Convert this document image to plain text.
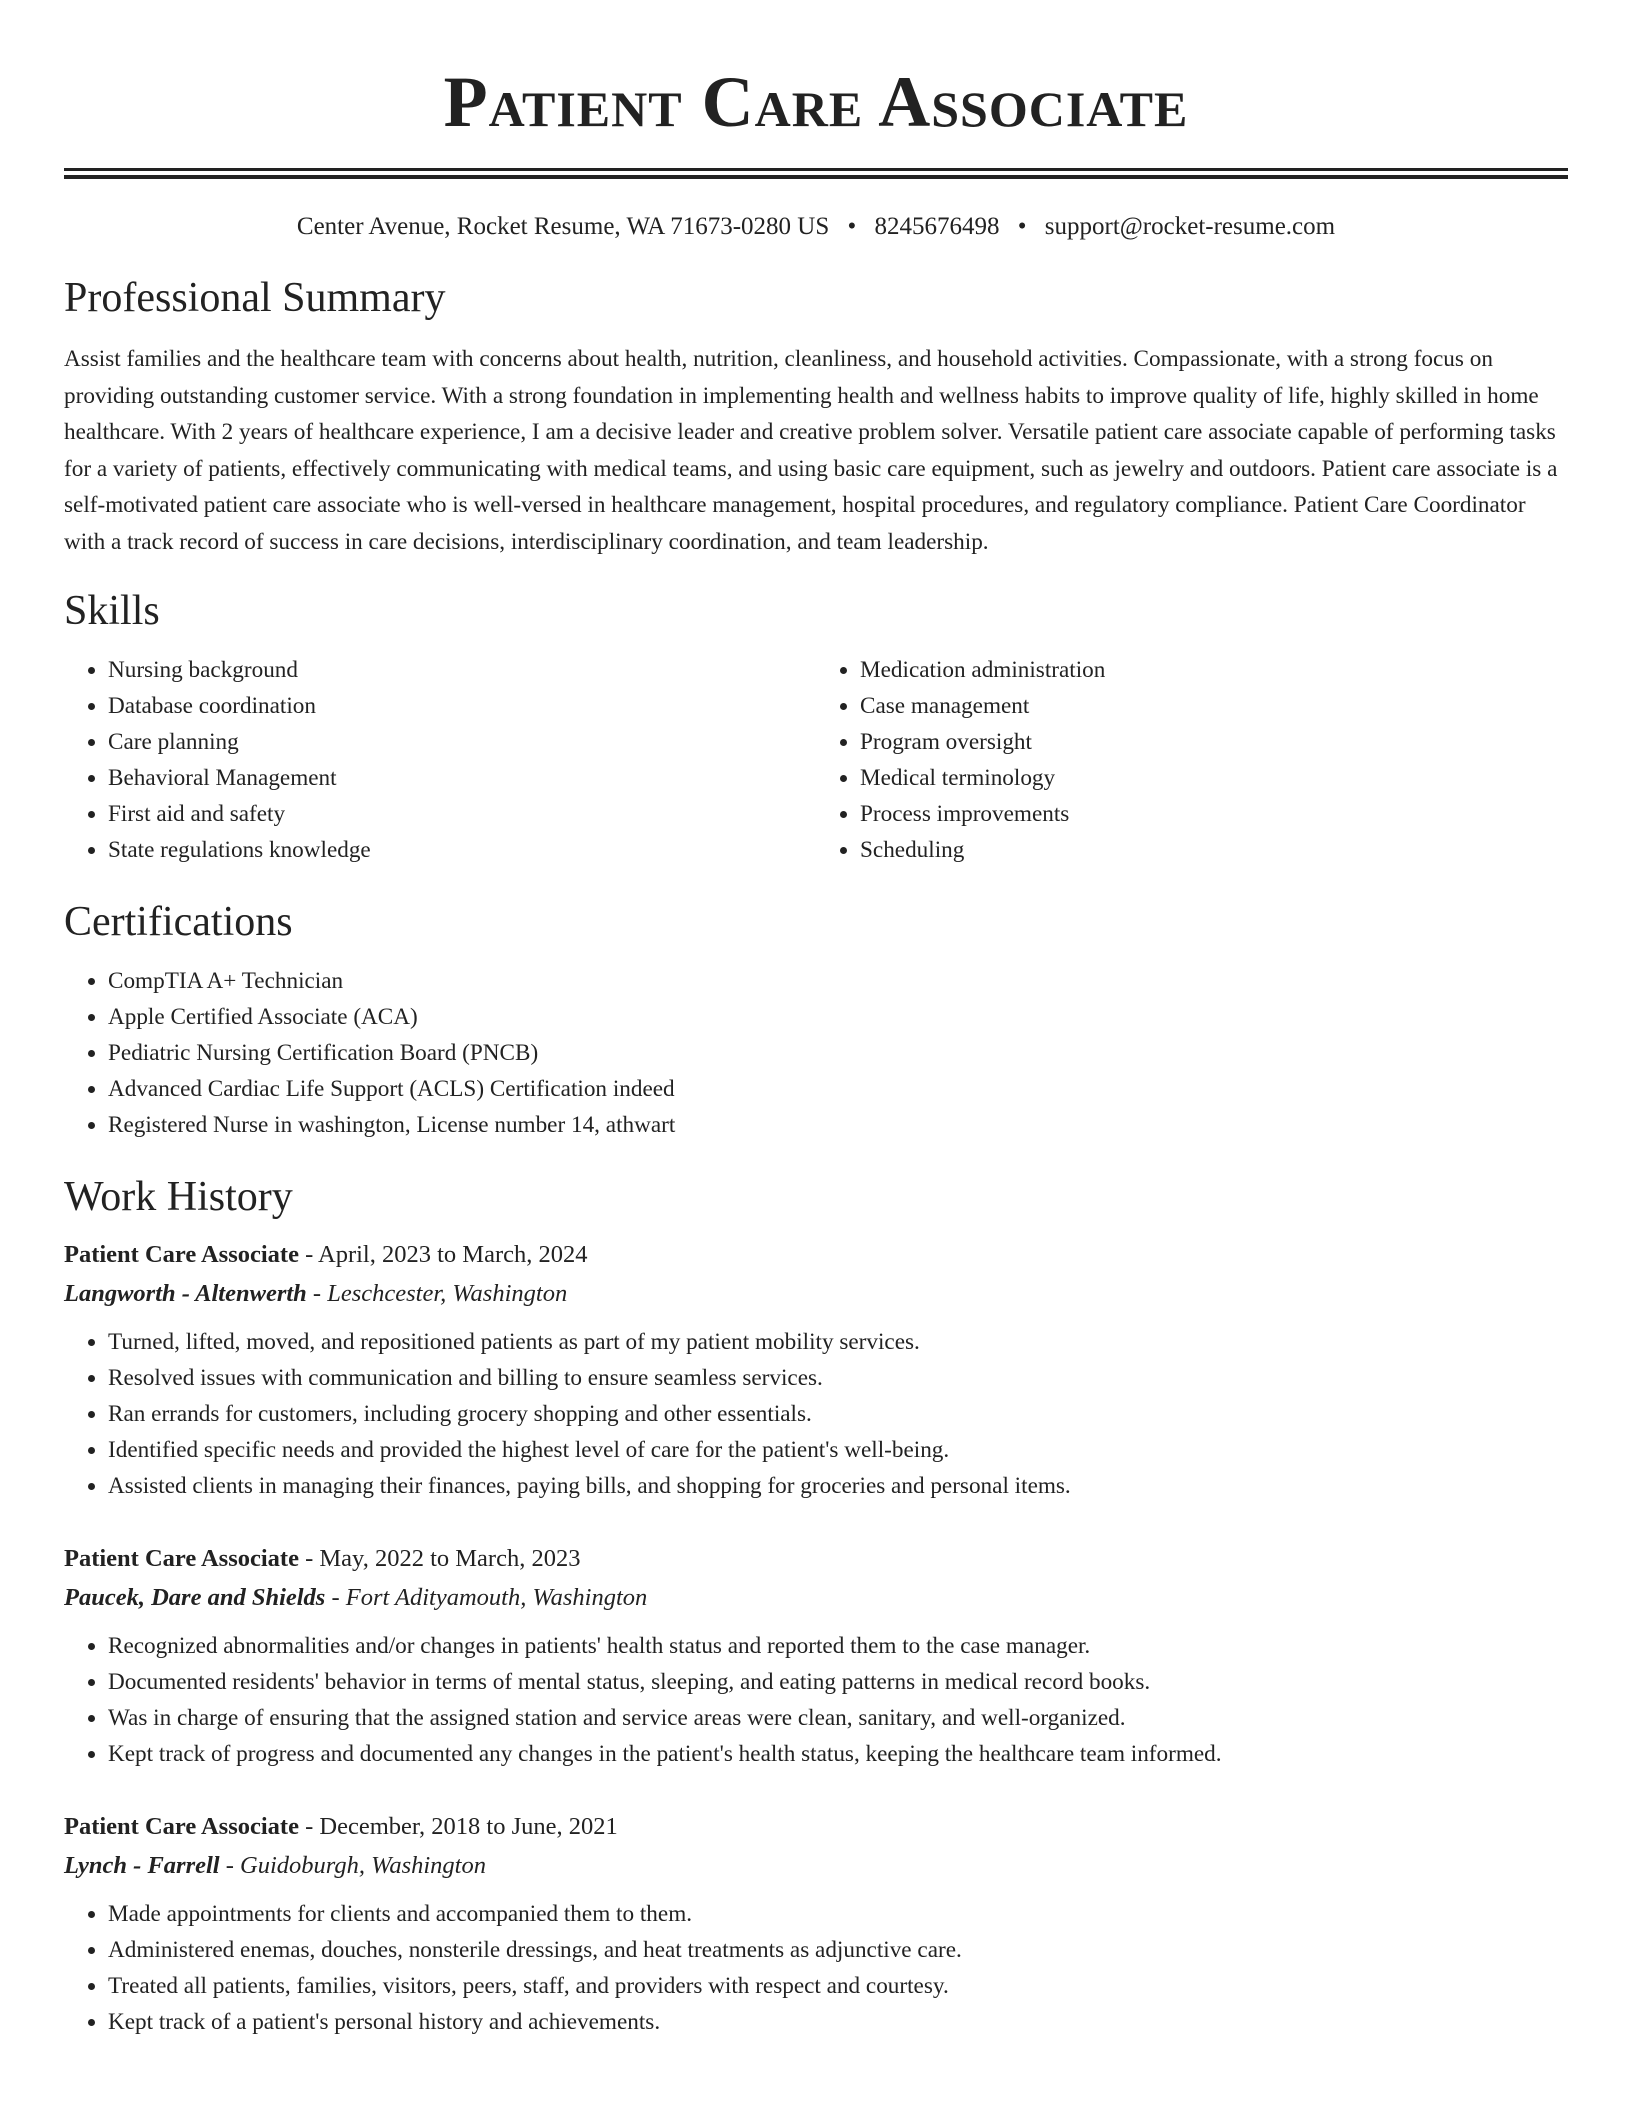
Patient Care Associate
Center Avenue, Rocket Resume, WA 71673-0280 US • 8245676498 • support@rocket-resume.com
Professional Summary

Assist families and the healthcare team with concerns about health, nutrition, cleanliness, and household activities. Compassionate, with a strong focus on providing outstanding customer service. With a strong foundation in implementing health and wellness habits to improve quality of life, highly skilled in home healthcare. With 2 years of healthcare experience, I am a decisive leader and creative problem solver. Versatile patient care associate capable of performing tasks for a variety of patients, effectively communicating with medical teams, and using basic care equipment, such as jewelry and outdoors. Patient care associate is a self-motivated patient care associate who is well-versed in healthcare management, hospital procedures, and regulatory compliance. Patient Care Coordinator with a track record of success in care decisions, interdisciplinary coordination, and team leadership.

Skills
• Nursing background
• Database coordination
• Care planning
• Behavioral Management
• First aid and safety
• State regulations knowledge
• Medication administration
• Case management
• Program oversight
• Medical terminology
• Process improvements
• Scheduling
Certifications
• CompTIA A+ Technician
• Apple Certified Associate (ACA)
• Pediatric Nursing Certification Board (PNCB)
• Advanced Cardiac Life Support (ACLS) Certification indeed
• Registered Nurse in washington, License number 14, athwart
Work History
Patient Care Associate - April, 2023 to March, 2024
Langworth - Altenwerth - Leschcester, Washington
• Turned, lifted, moved, and repositioned patients as part of my patient mobility services.
• Resolved issues with communication and billing to ensure seamless services.
• Ran errands for customers, including grocery shopping and other essentials.
• Identified specific needs and provided the highest level of care for the patient's well-being.
• Assisted clients in managing their finances, paying bills, and shopping for groceries and personal items.
Patient Care Associate - May, 2022 to March, 2023
Paucek, Dare and Shields - Fort Adityamouth, Washington
• Recognized abnormalities and/or changes in patients' health status and reported them to the case manager.
• Documented residents' behavior in terms of mental status, sleeping, and eating patterns in medical record books.
• Was in charge of ensuring that the assigned station and service areas were clean, sanitary, and well-organized.
• Kept track of progress and documented any changes in the patient's health status, keeping the healthcare team informed.
Patient Care Associate - December, 2018 to June, 2021
Lynch - Farrell - Guidoburgh, Washington
• Made appointments for clients and accompanied them to them.
• Administered enemas, douches, nonsterile dressings, and heat treatments as adjunctive care.
• Treated all patients, families, visitors, peers, staff, and providers with respect and courtesy.
• Kept track of a patient's personal history and achievements.
